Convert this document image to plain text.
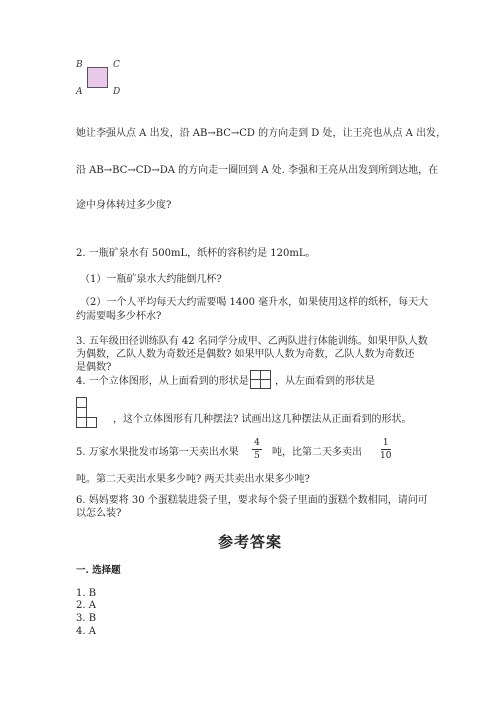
B	C
A	D
她让李强从点 A 出发，沿 AB→BC→CD 的方向走到 D 处，让王亮也从点 A 出发，
沿 AB→BC→CD→DA 的方向走一圈回到 A 处. 李强和王亮从出发到所到达地，在
途中身体转过多少度?
2. 一瓶矿泉水有 500mL，纸杯的容积约是 120mL。
（1）一瓶矿泉水大约能倒几杯?
（2）一个人平均每天大约需要喝 1400 毫升水，如果使用这样的纸杯，每天大
约需要喝多少杯水?
3. 五年级田径训练队有 42 名同学分成甲、乙两队进行体能训练。如果甲队人数
为偶数，乙队人数为奇数还是偶数? 如果甲队人数为奇数，乙队人数为奇数还
是偶数?
4. 一个立体图形，从上面看到的形状是	，从左面看到的形状是
，这个立体图形有几种摆法? 试画出这几种摆法从正面看到的形状。
5. 万家水果批发市场第一天卖出水果
4
5 吨，比第二天多卖出
1
10
吨。第二天卖出水果多少吨? 两天共卖出水果多少吨?
6. 妈妈要将 30 个蛋糕装进袋子里，要求每个袋子里面的蛋糕个数相同，请问可
以怎么装?
参考答案
一. 选择题
1. B
2. A
3. B
4. A
